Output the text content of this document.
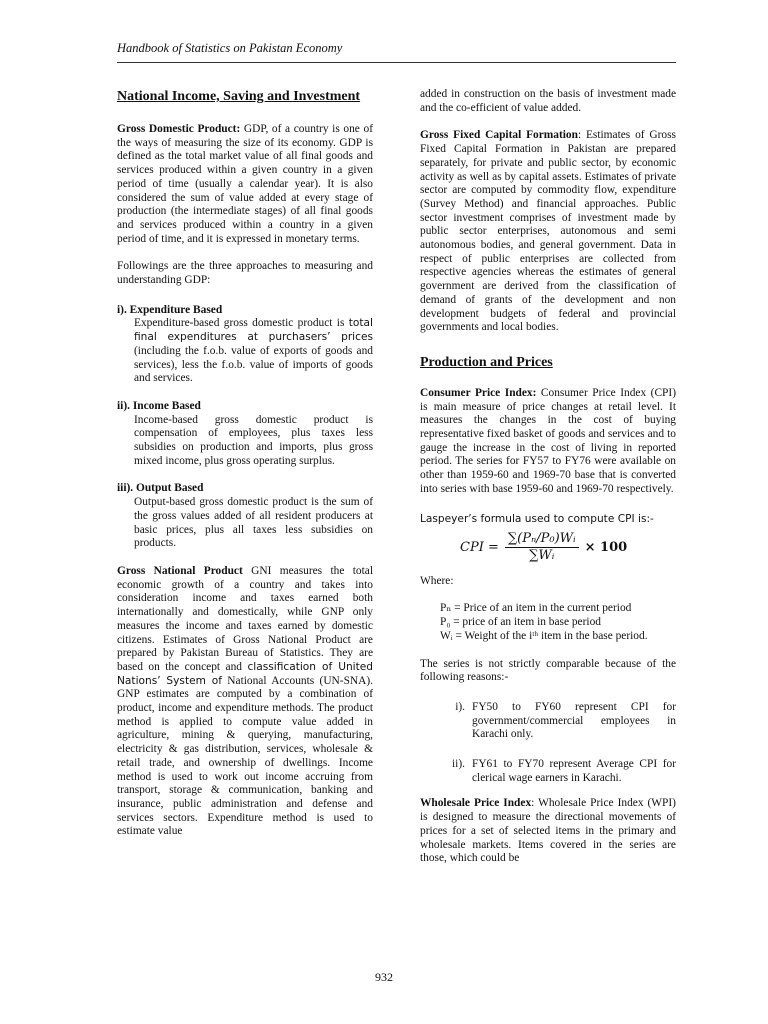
Handbook of Statistics on Pakistan Economy
National Income, Saving and Investment

Gross Domestic Product: GDP, of a country is one of the ways of measuring the size of its economy. GDP is defined as the total market value of all final goods and services produced within a given country in a given period of time (usually a calendar year). It is also considered the sum of value added at every stage of production (the intermediate stages) of all final goods and services produced within a country in a given period of time, and it is expressed in monetary terms.

Followings are the three approaches to measuring and understanding GDP:

i). Expenditure Based

Expenditure-based gross domestic product is total final expenditures at purchasers’ prices (including the f.o.b. value of exports of goods and services), less the f.o.b. value of imports of goods and services.

ii). Income Based

Income-based gross domestic product is compensation of employees, plus taxes less subsidies on production and imports, plus gross mixed income, plus gross operating surplus.

iii). Output Based

Output-based gross domestic product is the sum of the gross values added of all resident producers at basic prices, plus all taxes less subsidies on products.

Gross National Product GNI measures the total economic growth of a country and takes into consideration income and taxes earned both internationally and domestically, while GNP only measures the income and taxes earned by domestic citizens. Estimates of Gross National Product are prepared by Pakistan Bureau of Statistics. They are based on the concept and classification of United Nations’ System of National Accounts (UN-SNA). GNP estimates are computed by a combination of product, income and expenditure methods. The product method is applied to compute value added in agriculture, mining & querying, manufacturing, electricity & gas distribution, services, wholesale & retail trade, and ownership of dwellings. Income method is used to work out income accruing from transport, storage & communication, banking and insurance, public administration and defense and services sectors. Expenditure method is used to estimate value

added in construction on the basis of investment made and the co-efficient of value added.

Gross Fixed Capital Formation: Estimates of Gross Fixed Capital Formation in Pakistan are prepared separately, for private and public sector, by economic activity as well as by capital assets. Estimates of private sector are computed by commodity flow, expenditure (Survey Method) and financial approaches. Public sector investment comprises of investment made by public sector enterprises, autonomous and semi autonomous bodies, and general government. Data in respect of public enterprises are collected from respective agencies whereas the estimates of general government are derived from the classification of demand of grants of the development and non development budgets of federal and provincial governments and local bodies.

Production and Prices

Consumer Price Index: Consumer Price Index (CPI) is main measure of price changes at retail level. It measures the changes in the cost of buying representative fixed basket of goods and services and to gauge the increase in the cost of living in reported period. The series for FY57 to FY76 were available on other than 1959-60 and 1969-70 base that is converted into series with base 1959-60 and 1969-70 respectively.

Laspeyer’s formula used to compute CPI is:-

CPI = $\frac{\text{∑(Pₙ/P₀)Wᵢ}}{\text{∑Wᵢ}} \times 100$

Where:

Pₙ = Price of an item in the current period
P₀ = price of an item in base period
Wᵢ = Weight of the iᵗʰ item in the base period.

The series is not strictly comparable because of the following reasons:-

i). FY50 to FY60 represent CPI for government/commercial employees in Karachi only.
ii). FY61 to FY70 represent Average CPI for clerical wage earners in Karachi.

Wholesale Price Index: Wholesale Price Index (WPI) is designed to measure the directional movements of prices for a set of selected items in the primary and wholesale markets. Items covered in the series are those, which could be

932
